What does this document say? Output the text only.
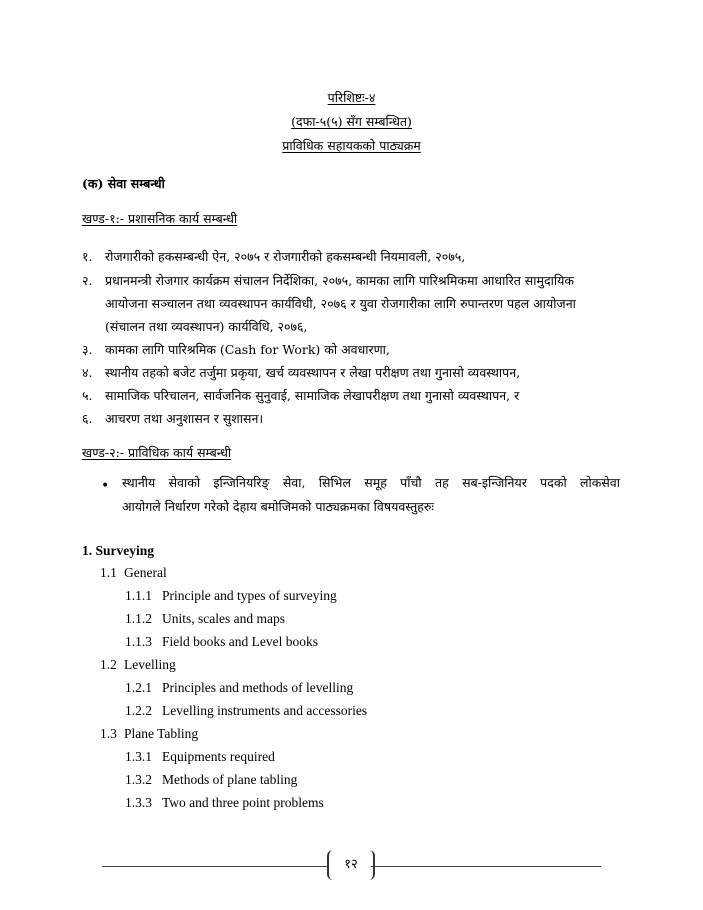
परिशिष्टः-४
(दफा-५(५) सँग सम्बन्धित)
प्राविधिक सहायकको पाठ्यक्रम
(क) सेवा सम्बन्धी
खण्ड-१:- प्रशासनिक कार्य सम्बन्धी
१. रोजगारीको हकसम्बन्धी ऐन, २०७५ र रोजगारीको हकसम्बन्धी नियमावली, २०७५,
२. प्रधानमन्त्री रोजगार कार्यक्रम संचालन निर्देशिका, २०७५, कामका लागि पारिश्रमिकमा आधारित सामुदायिक
आयोजना सञ्चालन तथा व्यवस्थापन कार्यविधी, २०७६ र युवा रोजगारीका लागि रुपान्तरण पहल आयोजना
(संचालन तथा व्यवस्थापन) कार्यविधि, २०७६,
३. कामका लागि पारिश्रमिक (Cash for Work) को अवधारणा,
४. स्थानीय तहको बजेट तर्जुमा प्रकृया, खर्च व्यवस्थापन र लेखा परीक्षण तथा गुनासो व्यवस्थापन,
५. सामाजिक परिचालन, सार्वजनिक सुनुवाई, सामाजिक लेखापरीक्षण तथा गुनासो व्यवस्थापन, र
६. आचरण तथा अनुशासन र सुशासन।
खण्ड-२:- प्राविधिक कार्य सम्बन्धी
• स्थानीय सेवाको इन्जिनियरिङ् सेवा, सिभिल समूह पाँचौ तह सब-इन्जिनियर पदको लोकसेवा
आयोगले निर्धारण गरेको देहाय बमोजिमको पाठ्यक्रमका विषयवस्तुहरुः
1. Surveying
1.1 General
1.1.1 Principle and types of surveying
1.1.2 Units, scales and maps
1.1.3 Field books and Level books
1.2 Levelling
1.2.1 Principles and methods of levelling
1.2.2 Levelling instruments and accessories
1.3 Plane Tabling
1.3.1 Equipments required
1.3.2 Methods of plane tabling
1.3.3 Two and three point problems
१२
